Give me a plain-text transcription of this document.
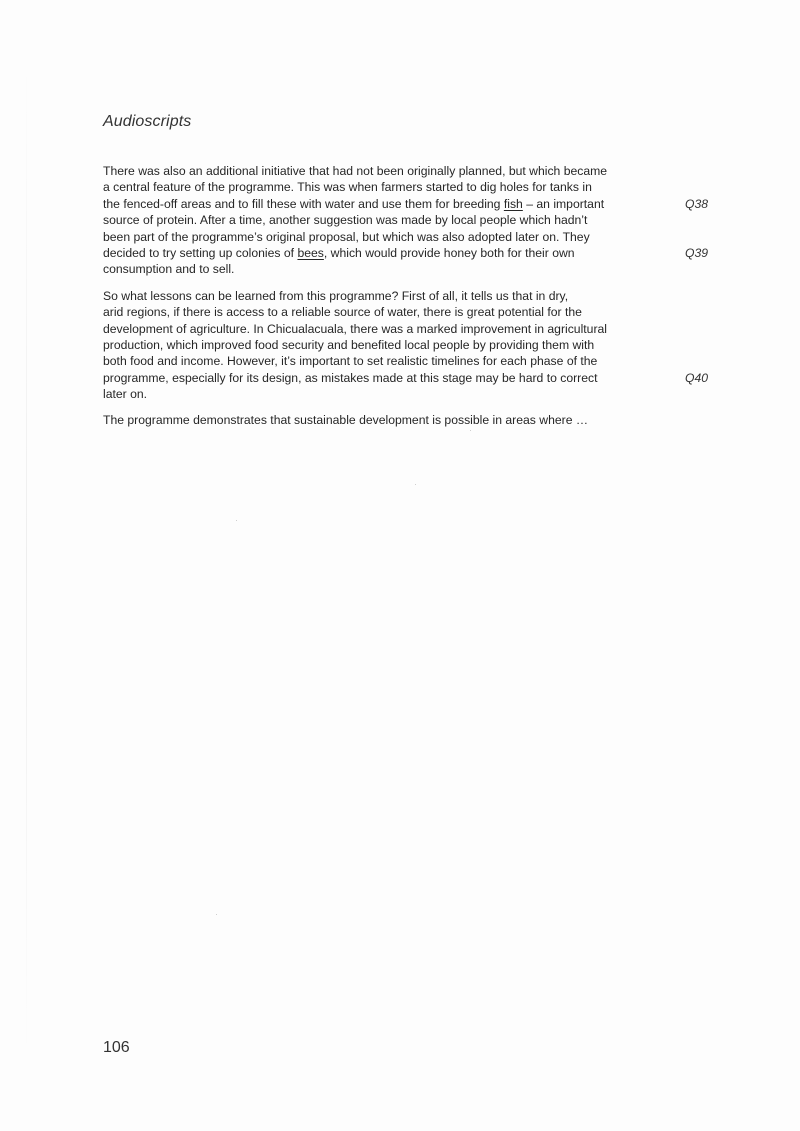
Audioscripts
There was also an additional initiative that had not been originally planned, but which became
a central feature of the programme. This was when farmers started to dig holes for tanks in
the fenced-off areas and to fill these with water and use them for breeding fish – an important	Q38
source of protein. After a time, another suggestion was made by local people which hadn’t
been part of the programme’s original proposal, but which was also adopted later on. They
decided to try setting up colonies of bees, which would provide honey both for their own	Q39
consumption and to sell.
So what lessons can be learned from this programme? First of all, it tells us that in dry,
arid regions, if there is access to a reliable source of water, there is great potential for the
development of agriculture. In Chicualacuala, there was a marked improvement in agricultural
production, which improved food security and benefited local people by providing them with
both food and income. However, it’s important to set realistic timelines for each phase of the
programme, especially for its design, as mistakes made at this stage may be hard to correct	Q40
later on.
The programme demonstrates that sustainable development is possible in areas where …
106
